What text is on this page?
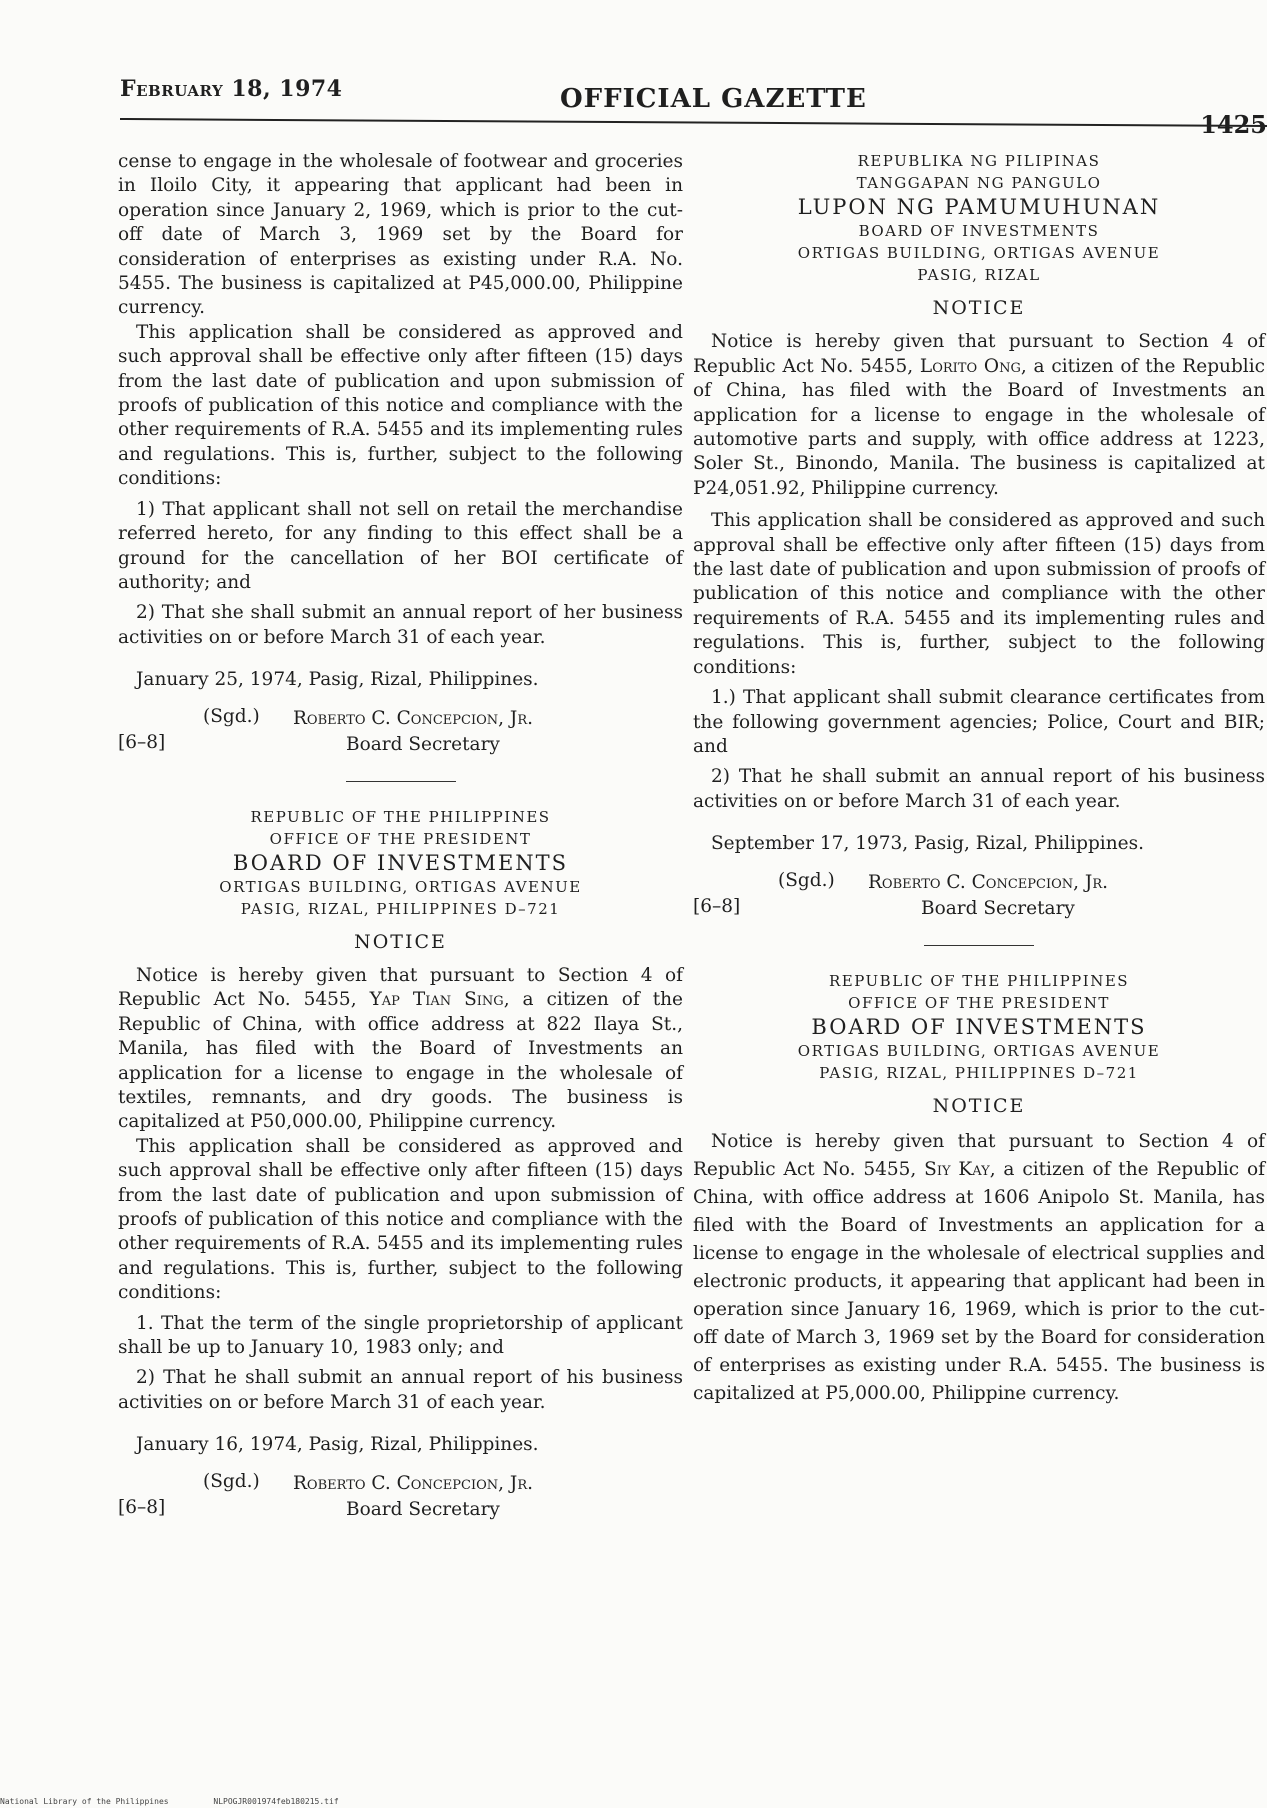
February 18, 1974	OFFICIAL GAZETTE
1425

cense to engage in the wholesale of footwear and groceries in Iloilo City, it appearing that applicant had been in operation since January 2, 1969, which is prior to the cut-off date of March 3, 1969 set by the Board for consideration of enterprises as existing under R.A. No. 5455. The business is capitalized at P45,000.00, Philippine currency.

This application shall be considered as approved and such approval shall be effective only after fifteen (15) days from the last date of publication and upon submission of proofs of publication of this notice and compliance with the other requirements of R.A. 5455 and its implementing rules and regulations. This is, further, subject to the following conditions:

1) That applicant shall not sell on retail the merchandise referred hereto, for any finding to this effect shall be a ground for the cancellation of her BOI certificate of authority; and

2) That she shall submit an annual report of her business activities on or before March 31 of each year.

January 25, 1974, Pasig, Rizal, Philippines.

(Sgd.) Roberto C. Concepcion, Jr.
[6–8]	Board Secretary
REPUBLIC OF THE PHILIPPINES
OFFICE OF THE PRESIDENT
BOARD OF INVESTMENTS
ORTIGAS BUILDING, ORTIGAS AVENUE
PASIG, RIZAL, PHILIPPINES D–721
NOTICE

Notice is hereby given that pursuant to Section 4 of Republic Act No. 5455, Yap Tian Sing, a citizen of the Republic of China, with office address at 822 Ilaya St., Manila, has filed with the Board of Investments an application for a license to engage in the wholesale of textiles, remnants, and dry goods. The business is capitalized at P50,000.00, Philippine currency.

This application shall be considered as approved and such approval shall be effective only after fifteen (15) days from the last date of publication and upon submission of proofs of publication of this notice and compliance with the other requirements of R.A. 5455 and its implementing rules and regulations. This is, further, subject to the following conditions:

1. That the term of the single proprietorship of applicant shall be up to January 10, 1983 only; and

2) That he shall submit an annual report of his business activities on or before March 31 of each year.

January 16, 1974, Pasig, Rizal, Philippines.

(Sgd.) Roberto C. Concepcion, Jr.
[6–8]	Board Secretary
REPUBLIKA NG PILIPINAS
TANGGAPAN NG PANGULO
LUPON NG PAMUMUHUNAN
BOARD OF INVESTMENTS
ORTIGAS BUILDING, ORTIGAS AVENUE
PASIG, RIZAL
NOTICE

Notice is hereby given that pursuant to Section 4 of Republic Act No. 5455, Lorito Ong, a citizen of the Republic of China, has filed with the Board of Investments an application for a license to engage in the wholesale of automotive parts and supply, with office address at 1223, Soler St., Binondo, Manila. The business is capitalized at P24,051.92, Philippine currency.

This application shall be considered as approved and such approval shall be effective only after fifteen (15) days from the last date of publication and upon submission of proofs of publication of this notice and compliance with the other requirements of R.A. 5455 and its implementing rules and regulations. This is, further, subject to the following conditions:

1.) That applicant shall submit clearance certificates from the following government agencies; Police, Court and BIR; and

2) That he shall submit an annual report of his business activities on or before March 31 of each year.

September 17, 1973, Pasig, Rizal, Philippines.

(Sgd.) Roberto C. Concepcion, Jr.
[6–8]	Board Secretary
REPUBLIC OF THE PHILIPPINES
OFFICE OF THE PRESIDENT
BOARD OF INVESTMENTS
ORTIGAS BUILDING, ORTIGAS AVENUE
PASIG, RIZAL, PHILIPPINES D–721
NOTICE

Notice is hereby given that pursuant to Section 4 of Republic Act No. 5455, Siy Kay, a citizen of the Republic of China, with office address at 1606 Anipolo St. Manila, has filed with the Board of Investments an application for a license to engage in the wholesale of electrical supplies and electronic products, it appearing that applicant had been in operation since January 16, 1969, which is prior to the cut-off date of March 3, 1969 set by the Board for consideration of enterprises as existing under R.A. 5455. The business is capitalized at P5,000.00, Philippine currency.

National Library of the Philippines	NLPOGJR001974feb180215.tif
